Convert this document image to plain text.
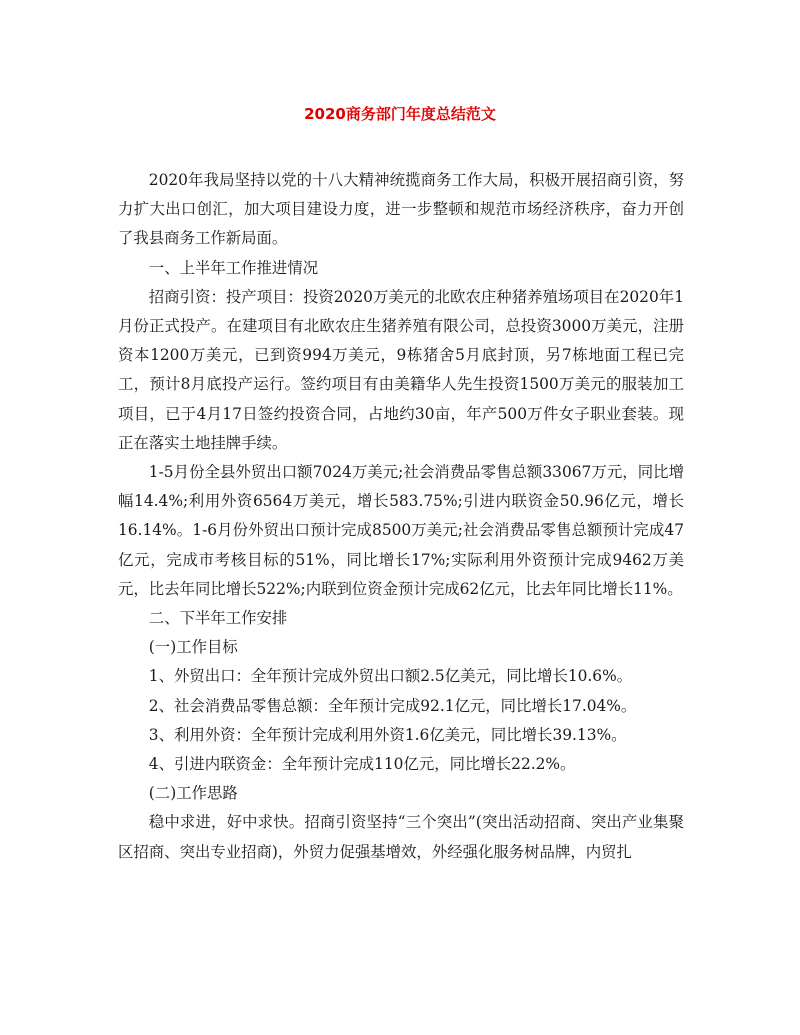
2020商务部门年度总结范文

2020年我局坚持以党的十八大精神统揽商务工作大局，积极开展招商引资，努力扩大出口创汇，加大项目建设力度，进一步整顿和规范市场经济秩序，奋力开创了我县商务工作新局面。

一、上半年工作推进情况

招商引资：投产项目：投资2020万美元的北欧农庄种猪养殖场项目在2020年1月份正式投产。在建项目有北欧农庄生猪养殖有限公司，总投资3000万美元，注册资本1200万美元，已到资994万美元，9栋猪舍5月底封顶，另7栋地面工程已完工，预计8月底投产运行。签约项目有由美籍华人先生投资1500万美元的服装加工项目，已于4月17日签约投资合同，占地约30亩，年产500万件女子职业套装。现正在落实土地挂牌手续。

1-5月份全县外贸出口额7024万美元;社会消费品零售总额33067万元，同比增幅14.4%;利用外资6564万美元，增长583.75%;引进内联资金50.96亿元，增长16.14%。1-6月份外贸出口预计完成8500万美元;社会消费品零售总额预计完成47亿元，完成市考核目标的51%，同比增长17%;实际利用外资预计完成9462万美元，比去年同比增长522%;内联到位资金预计完成62亿元，比去年同比增长11%。

二、下半年工作安排

(一)工作目标

1、外贸出口：全年预计完成外贸出口额2.5亿美元，同比增长10.6%。

2、社会消费品零售总额：全年预计完成92.1亿元，同比增长17.04%。

3、利用外资：全年预计完成利用外资1.6亿美元，同比增长39.13%。

4、引进内联资金：全年预计完成110亿元，同比增长22.2%。

(二)工作思路

稳中求进，好中求快。招商引资坚持“三个突出”(突出活动招商、突出产业集聚区招商、突出专业招商)，外贸力促强基增效，外经强化服务树品牌，内贸扎
